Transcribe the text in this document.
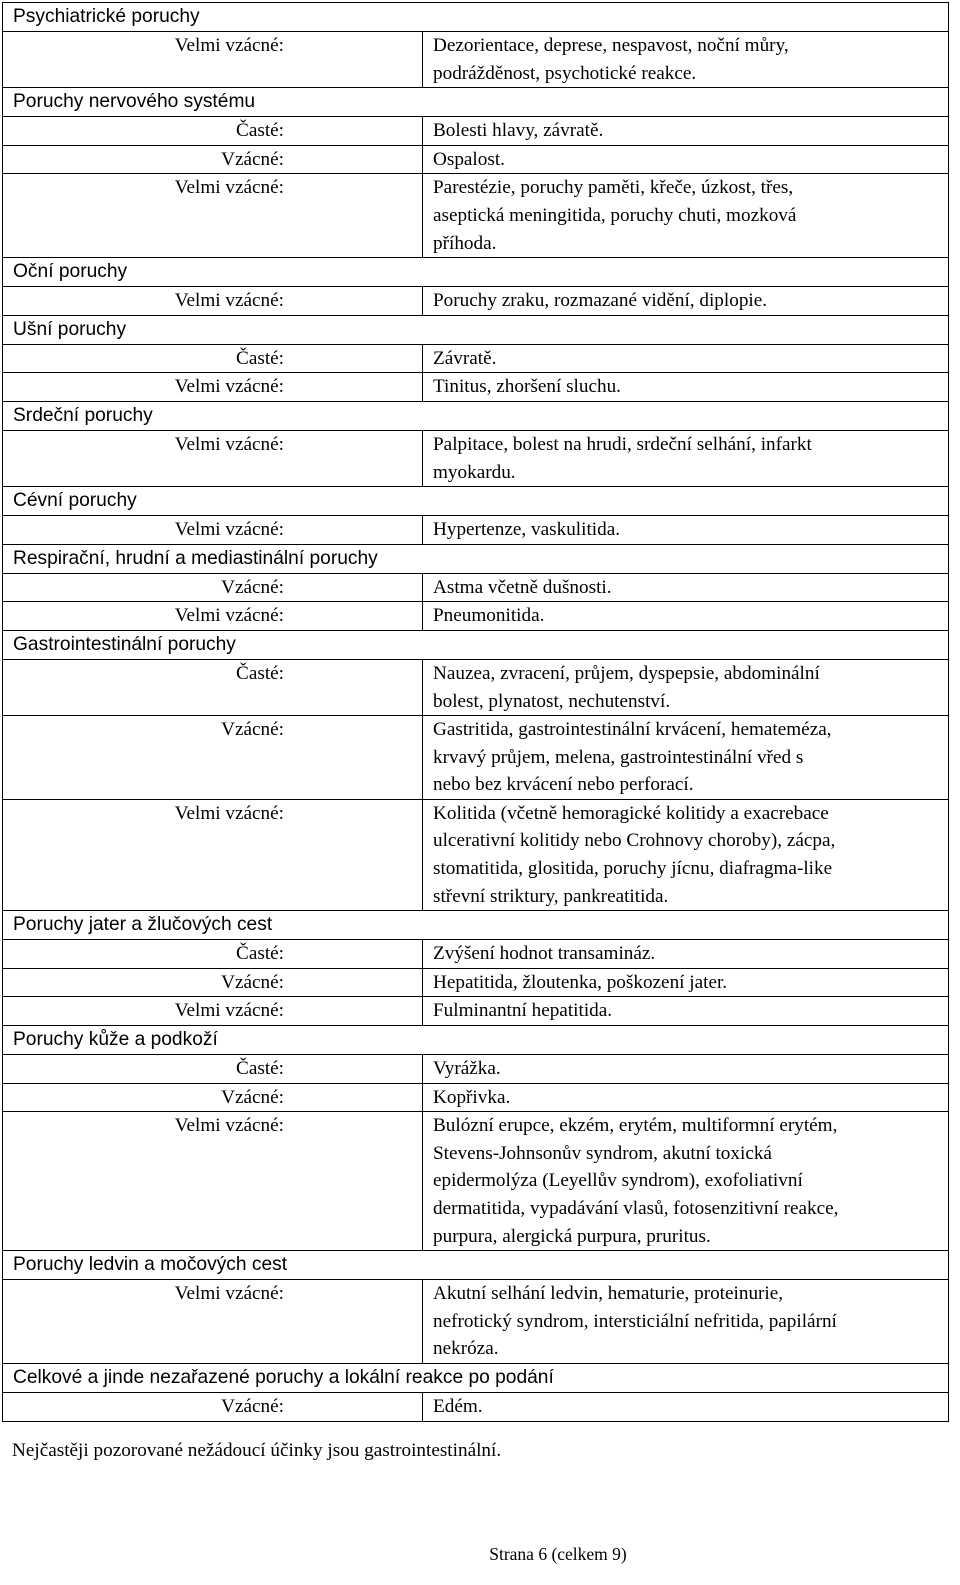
Psychiatrické poruchy	
Velmi vzácné:	Dezorientace, deprese, nespavost, noční můry,
podrážděnost, psychotické reakce.

Poruchy nervového systému	
Časté:	Bolesti hlavy, závratě.

Vzácné:	Ospalost.

Velmi vzácné:	Parestézie, poruchy paměti, křeče, úzkost, třes,
aseptická meningitida, poruchy chuti, mozková
příhoda.

Oční poruchy	
Velmi vzácné:	Poruchy zraku, rozmazané vidění, diplopie.

Ušní poruchy	
Časté:	Závratě.

Velmi vzácné:	Tinitus, zhoršení sluchu.

Srdeční poruchy	
Velmi vzácné:	Palpitace, bolest na hrudi, srdeční selhání, infarkt
myokardu.

Cévní poruchy	
Velmi vzácné:	Hypertenze, vaskulitida.

Respirační, hrudní a mediastinální poruchy	
Vzácné:	Astma včetně dušnosti.

Velmi vzácné:	Pneumonitida.

Gastrointestinální poruchy	
Časté:	Nauzea, zvracení, průjem, dyspepsie, abdominální
bolest, plynatost, nechutenství.

Vzácné:	Gastritida, gastrointestinální krvácení, hemateméza,
krvavý průjem, melena, gastrointestinální vřed s
nebo bez krvácení nebo perforací.

Velmi vzácné:	Kolitida (včetně hemoragické kolitidy a exacrebace
ulcerativní kolitidy nebo Crohnovy choroby), zácpa,
stomatitida, glositida, poruchy jícnu, diafragma-like
střevní striktury, pankreatitida.

Poruchy jater a žlučových cest	
Časté:	Zvýšení hodnot transamináz.

Vzácné:	Hepatitida, žloutenka, poškození jater.

Velmi vzácné:	Fulminantní hepatitida.

Poruchy kůže a podkoží	
Časté:	Vyrážka.

Vzácné:	Kopřivka.

Velmi vzácné:	Bulózní erupce, ekzém, erytém, multiformní erytém,
Stevens-Johnsonův syndrom, akutní toxická
epidermolýza (Leyellův syndrom), exofoliativní
dermatitida, vypadávání vlasů, fotosenzitivní reakce,
purpura, alergická purpura, pruritus.

Poruchy ledvin a močových cest	
Velmi vzácné:	Akutní selhání ledvin, hematurie, proteinurie,
nefrotický syndrom, intersticiální nefritida, papilární
nekróza.

Celkové a jinde nezařazené poruchy a lokální reakce po podání	
Vzácné:	Edém.
Nejčastěji pozorované nežádoucí účinky jsou gastrointestinální.
Strana 6 (celkem 9)
